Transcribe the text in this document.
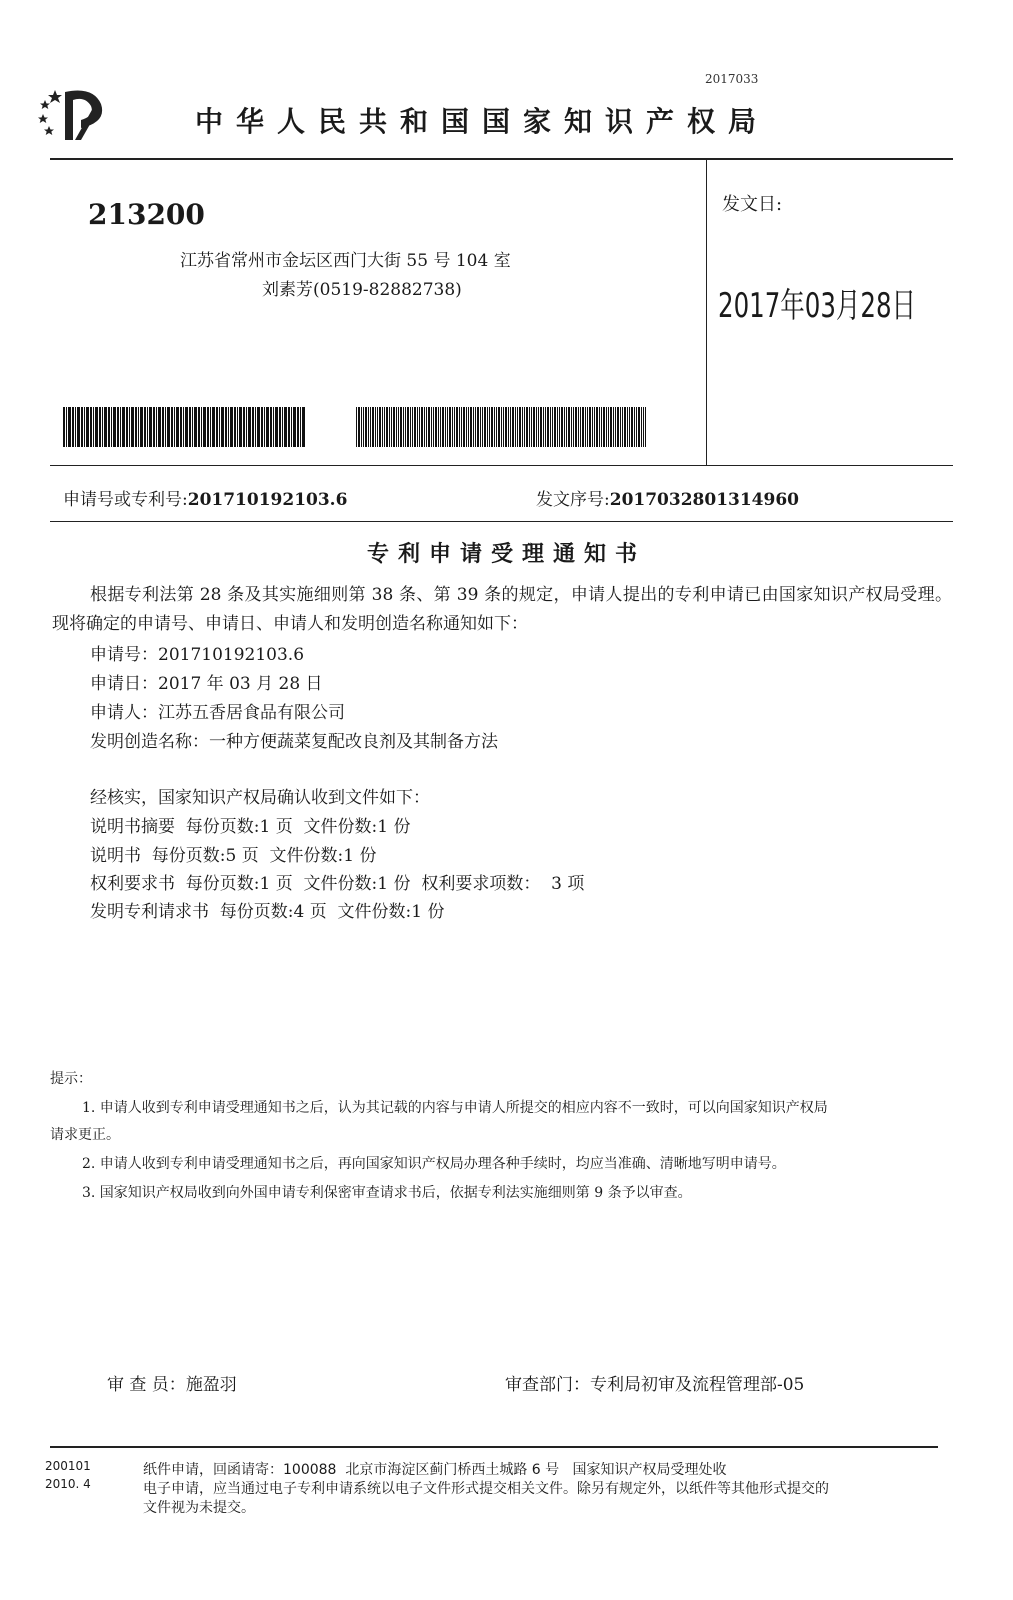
2017033
中华人民共和国国家知识产权局
213200
江苏省常州市金坛区西门大街 55 号 104 室
刘素芳(0519-82882738)
发文日:
2017年03月28日
申请号或专利号:201710192103.6	发文序号:2017032801314960
专利申请受理通知书
根据专利法第 28 条及其实施细则第 38 条、第 39 条的规定，申请人提出的专利申请已由国家知识产权局受理。现将确定的申请号、申请日、申请人和发明创造名称通知如下：
申请号：201710192103.6
申请日：2017 年 03 月 28 日
申请人：江苏五香居食品有限公司
发明创造名称：一种方便蔬菜复配改良剂及其制备方法
经核实，国家知识产权局确认收到文件如下：
说明书摘要  每份页数:1 页  文件份数:1 份
说明书  每份页数:5 页  文件份数:1 份
权利要求书  每份页数:1 页  文件份数:1 份  权利要求项数：  3 项
发明专利请求书  每份页数:4 页  文件份数:1 份
提示：
1. 申请人收到专利申请受理通知书之后，认为其记载的内容与申请人所提交的相应内容不一致时，可以向国家知识产权局
请求更正。
2. 申请人收到专利申请受理通知书之后，再向国家知识产权局办理各种手续时，均应当准确、清晰地写明申请号。
3. 国家知识产权局收到向外国申请专利保密审查请求书后，依据专利法实施细则第 9 条予以审查。
审 查 员：施盈羽	审查部门：专利局初审及流程管理部-05
200101
2010. 4
纸件申请，回函请寄：100088  北京市海淀区蓟门桥西土城路 6 号   国家知识产权局受理处收
电子申请，应当通过电子专利申请系统以电子文件形式提交相关文件。除另有规定外，以纸件等其他形式提交的
文件视为未提交。
